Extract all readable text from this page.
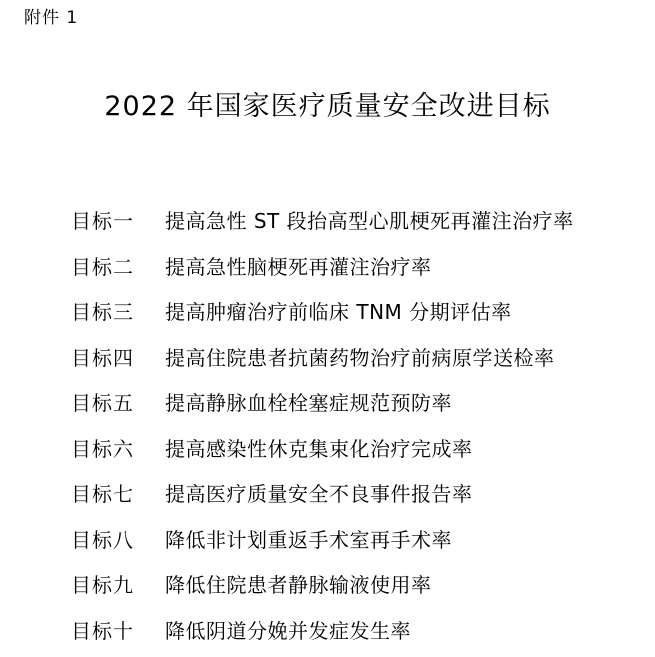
附件 1
2022 年国家医疗质量安全改进目标
目标一 提高急性 ST 段抬高型心肌梗死再灌注治疗率
目标二 提高急性脑梗死再灌注治疗率
目标三 提高肿瘤治疗前临床 TNM 分期评估率
目标四 提高住院患者抗菌药物治疗前病原学送检率
目标五 提高静脉血栓栓塞症规范预防率
目标六 提高感染性休克集束化治疗完成率
目标七 提高医疗质量安全不良事件报告率
目标八 降低非计划重返手术室再手术率
目标九 降低住院患者静脉输液使用率
目标十 降低阴道分娩并发症发生率
